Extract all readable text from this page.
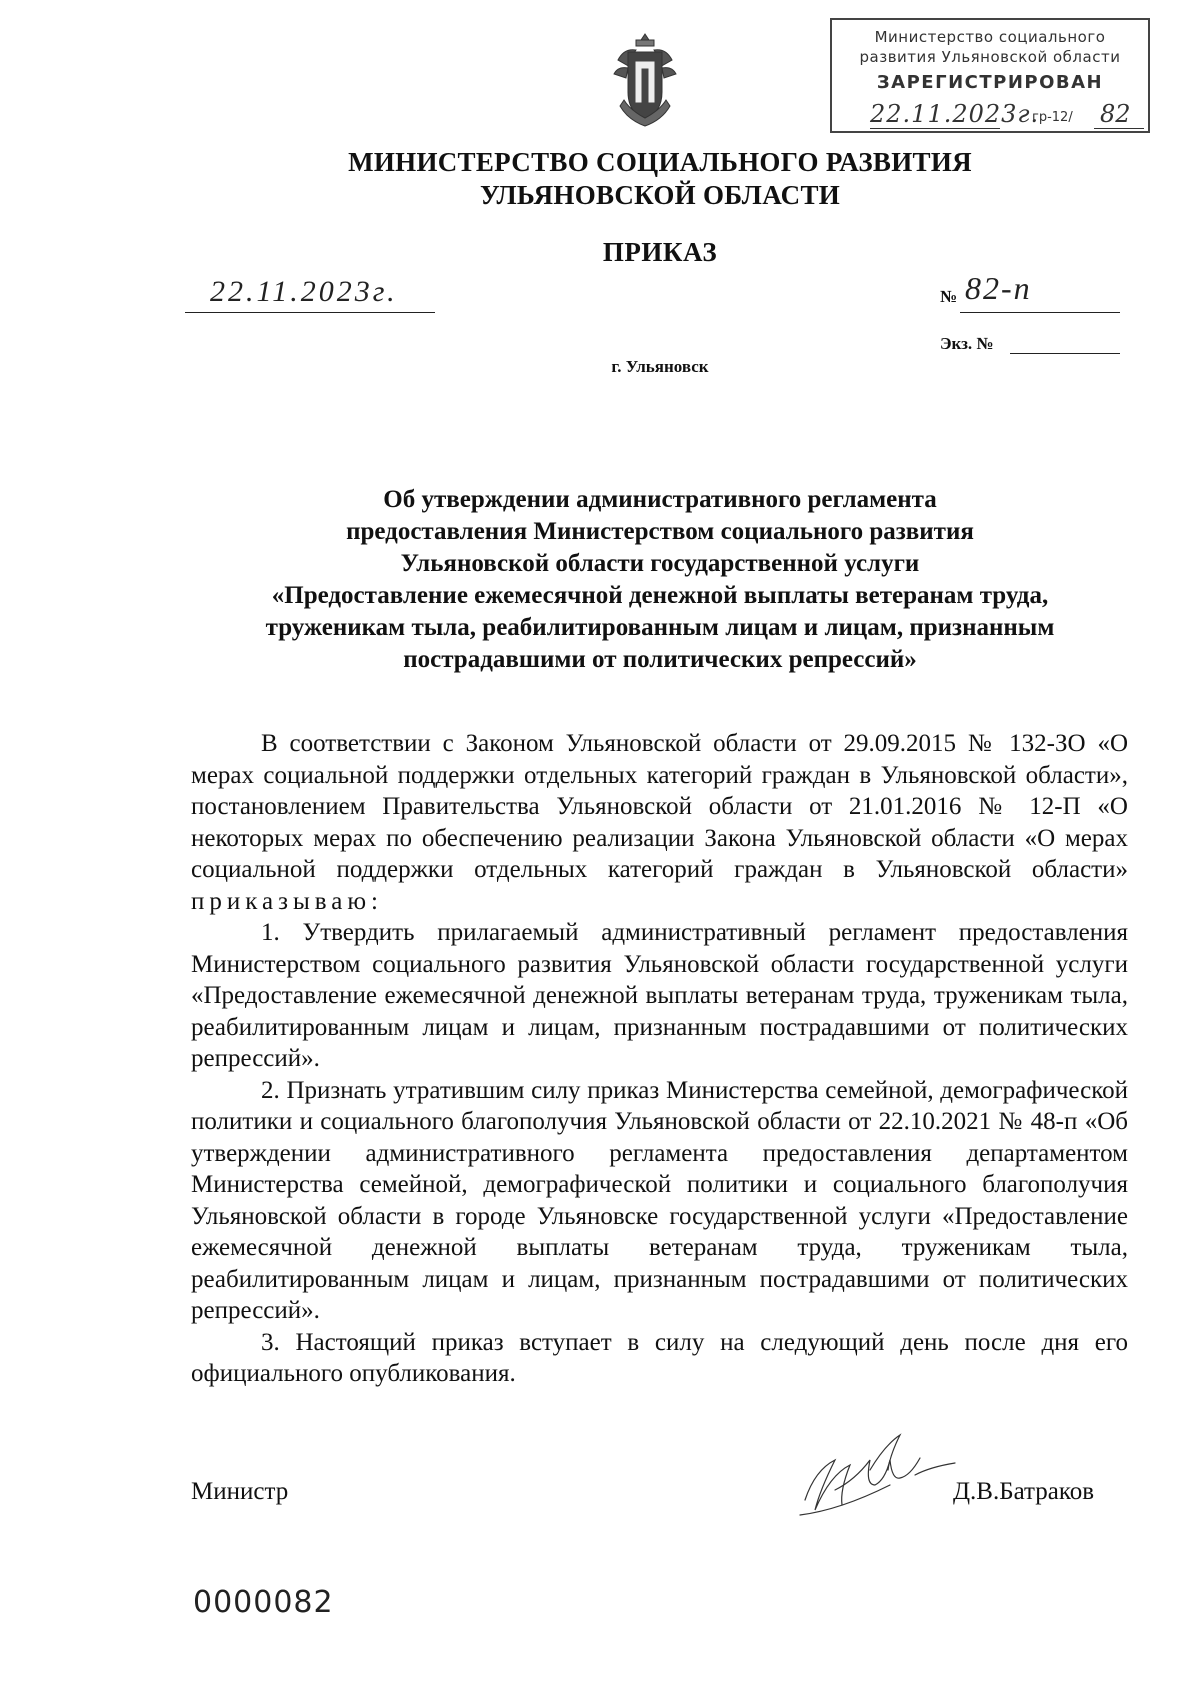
Министерство социального
развития Ульяновской области
ЗАРЕГИСТРИРОВАН
22.11.2023г.
гр-12/ 82
МИНИСТЕРСТВО СОЦИАЛЬНОГО РАЗВИТИЯ
УЛЬЯНОВСКОЙ ОБЛАСТИ
ПРИКАЗ
22.11.2023г.	№ 82-п
Экз. №
г. Ульяновск
Об утверждении административного регламента
предоставления Министерством социального развития
Ульяновской области государственной услуги
«Предоставление ежемесячной денежной выплаты ветеранам труда,
труженикам тыла, реабилитированным лицам и лицам, признанным
пострадавшими от политических репрессий»

В соответствии с Законом Ульяновской области от 29.09.2015 № 132-ЗО «О мерах социальной поддержки отдельных категорий граждан в Ульяновской области», постановлением Правительства Ульяновской области от 21.01.2016 № 12-П «О некоторых мерах по обеспечению реализации Закона Ульяновской области «О мерах социальной поддержки отдельных категорий граждан в Ульяновской области» приказываю:

1. Утвердить прилагаемый административный регламент предоставления Министерством социального развития Ульяновской области государственной услуги «Предоставление ежемесячной денежной выплаты ветеранам труда, труженикам тыла, реабилитированным лицам и лицам, признанным пострадавшими от политических репрессий».

2. Признать утратившим силу приказ Министерства семейной, демографической политики и социального благополучия Ульяновской области от 22.10.2021 № 48-п «Об утверждении административного регламента предоставления департаментом Министерства семейной, демографической политики и социального благополучия Ульяновской области в городе Ульяновске государственной услуги «Предоставление ежемесячной денежной выплаты ветеранам труда, труженикам тыла, реабилитированным лицам и лицам, признанным пострадавшими от политических репрессий».

3. Настоящий приказ вступает в силу на следующий день после дня его официального опубликования.

Министр	Д.В.Батраков
0000082
